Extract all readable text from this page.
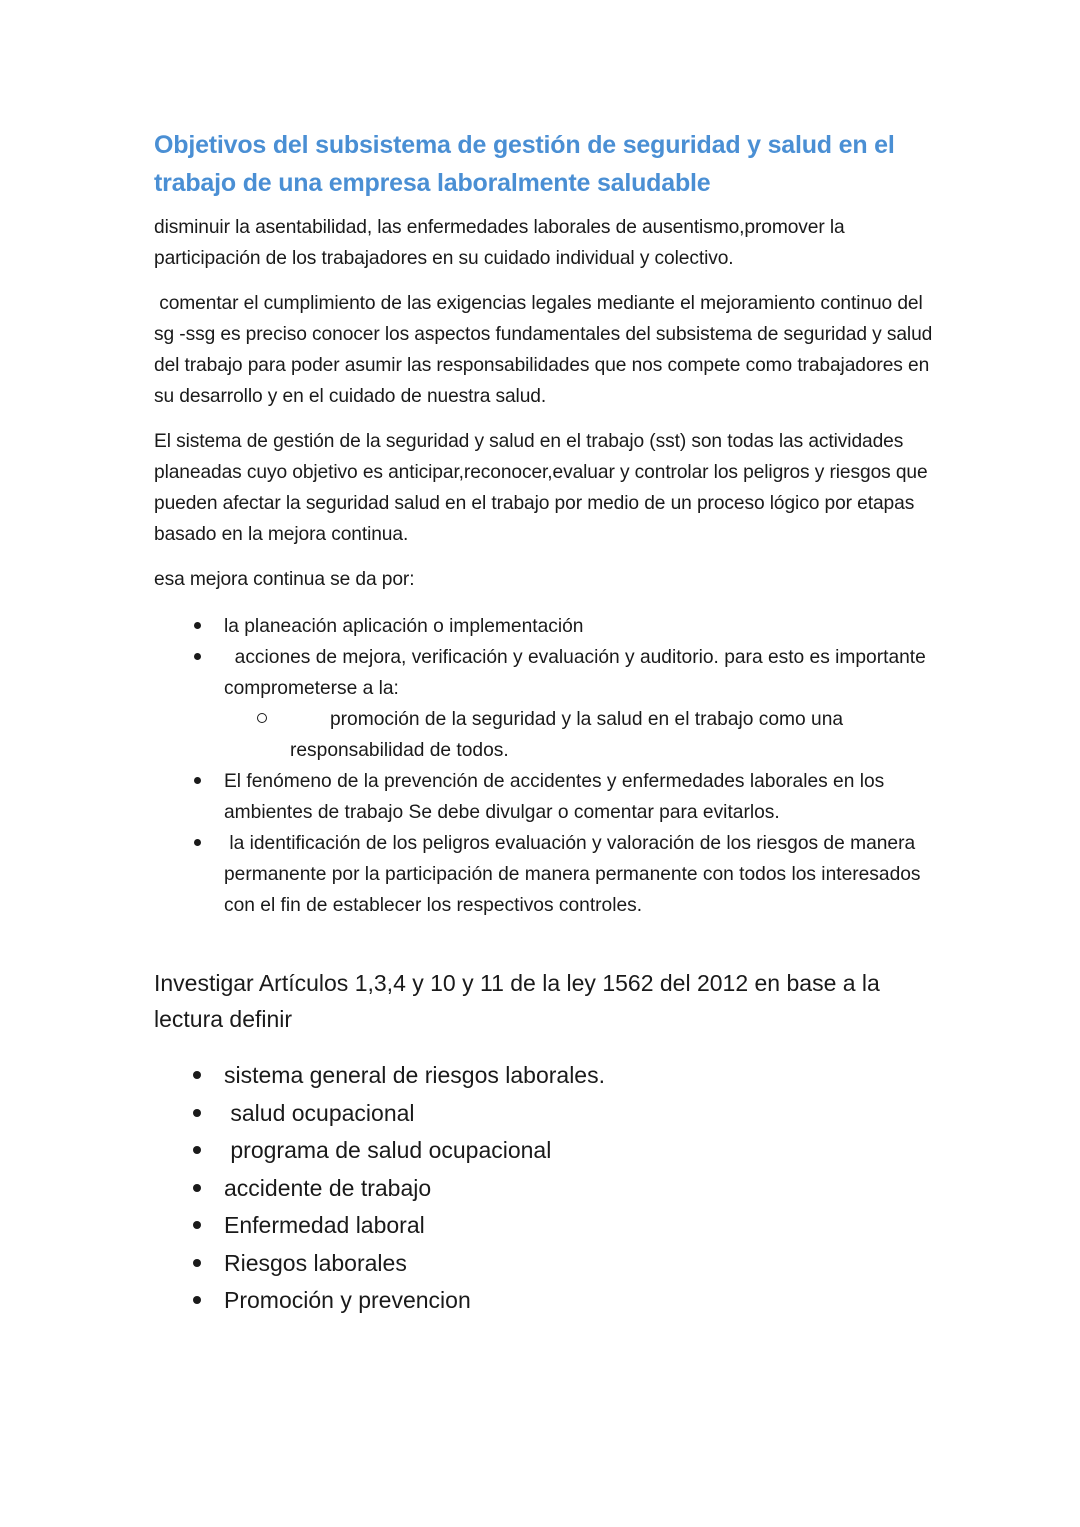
Objetivos del subsistema de gestión de seguridad y salud en el trabajo de una empresa laboralmente saludable

disminuir la asentabilidad, las enfermedades laborales de ausentismo,promover la participación de los trabajadores en su cuidado individual y colectivo.

comentar el cumplimiento de las exigencias legales mediante el mejoramiento continuo del sg -ssg es preciso conocer los aspectos fundamentales del subsistema de seguridad y salud del trabajo para poder asumir las responsabilidades que nos compete como trabajadores en su desarrollo y en el cuidado de nuestra salud.

El sistema de gestión de la seguridad y salud en el trabajo (sst) son todas las actividades planeadas cuyo objetivo es anticipar,reconocer,evaluar y controlar los peligros y riesgos que pueden afectar la seguridad salud en el trabajo por medio de un proceso lógico por etapas basado en la mejora continua.

esa mejora continua se da por:

la planeación aplicación o implementación
acciones de mejora, verificación y evaluación y auditorio. para esto es importante comprometerse a la:
promoción de la seguridad y la salud en el trabajo como una responsabilidad de todos.
El fenómeno de la prevención de accidentes y enfermedades laborales en los ambientes de trabajo Se debe divulgar o comentar para evitarlos.
la identificación de los peligros evaluación y valoración de los riesgos de manera permanente por la participación de manera permanente con todos los interesados con el fin de establecer los respectivos controles.

Investigar Artículos 1,3,4 y 10 y 11 de la ley 1562 del 2012 en base a la lectura definir

sistema general de riesgos laborales.
salud ocupacional
programa de salud ocupacional
accidente de trabajo
Enfermedad laboral
Riesgos laborales
Promoción y prevencion
